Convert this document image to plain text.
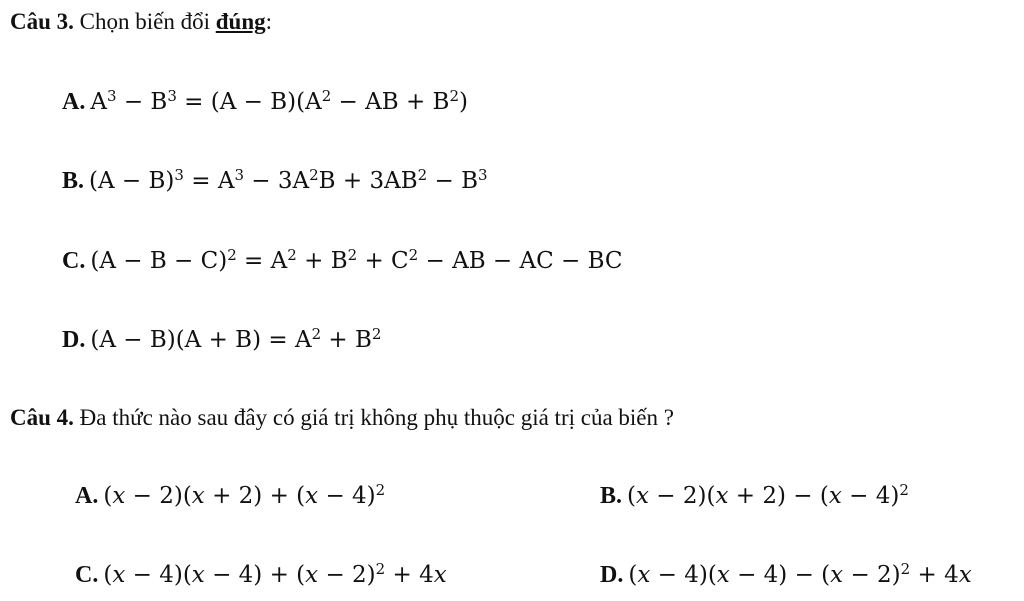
Câu 3. Chọn biến đổi đúng:
A. $A^3 - B^3 = (A - B)(A^2$ − AB + $B^2$)
B. $(A - B)^3 = A^3 - 3A^2B + 3AB^2 - B^3$
C. $(A - B - C)^2 = A^2 + B^2 + C^2$ − AB − AC − BC
D. $(A - B)(A + B) = A^2 + B^2$
Câu 4. Đa thức nào sau đây có giá trị không phụ thuộc giá trị của biến ?
A. $(x - 2)(x + 2) + (x - 4)^2$	B. $(x - 2)(x + 2) - (x - 4)^2$
C. $(x - 4)(x - 4) + (x - 2)^2 + 4x$	D. $(x - 4)(x - 4) - (x - 2)^2 + 4x$
